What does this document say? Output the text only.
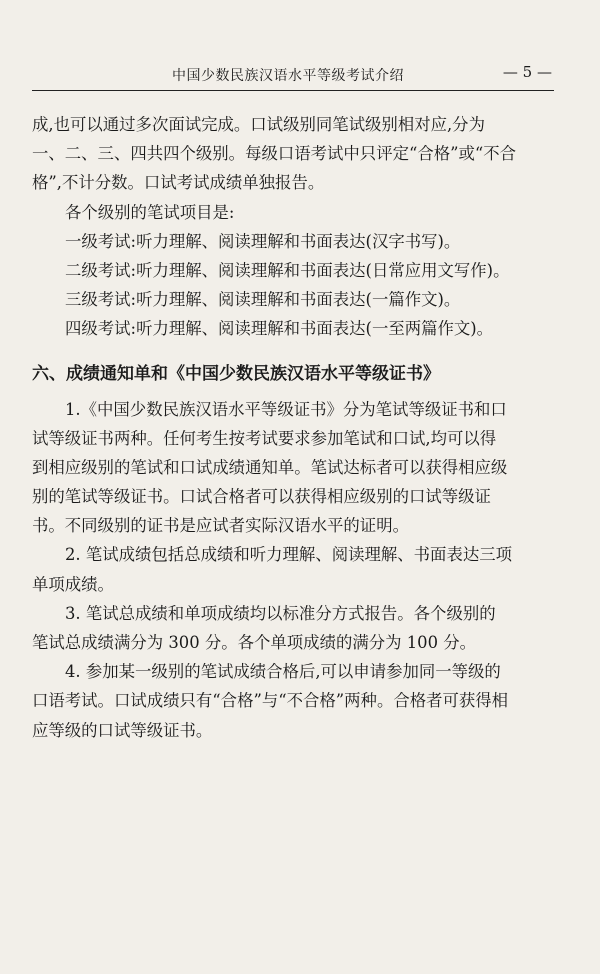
中国少数民族汉语水平等级考试介绍	— 5 —
成,也可以通过多次面试完成。口试级别同笔试级别相对应,分为
一、二、三、四共四个级别。每级口语考试中只评定“合格”或“不合
格”,不计分数。口试考试成绩单独报告。
各个级别的笔试项目是:
一级考试:听力理解、阅读理解和书面表达(汉字书写)。
二级考试:听力理解、阅读理解和书面表达(日常应用文写作)。
三级考试:听力理解、阅读理解和书面表达(一篇作文)。
四级考试:听力理解、阅读理解和书面表达(一至两篇作文)。
六、成绩通知单和《中国少数民族汉语水平等级证书》
1.《中国少数民族汉语水平等级证书》分为笔试等级证书和口
试等级证书两种。任何考生按考试要求参加笔试和口试,均可以得
到相应级别的笔试和口试成绩通知单。笔试达标者可以获得相应级
别的笔试等级证书。口试合格者可以获得相应级别的口试等级证
书。不同级别的证书是应试者实际汉语水平的证明。
2. 笔试成绩包括总成绩和听力理解、阅读理解、书面表达三项
单项成绩。
3. 笔试总成绩和单项成绩均以标准分方式报告。各个级别的
笔试总成绩满分为 300 分。各个单项成绩的满分为 100 分。
4. 参加某一级别的笔试成绩合格后,可以申请参加同一等级的
口语考试。口试成绩只有“合格”与“不合格”两种。合格者可获得相
应等级的口试等级证书。
